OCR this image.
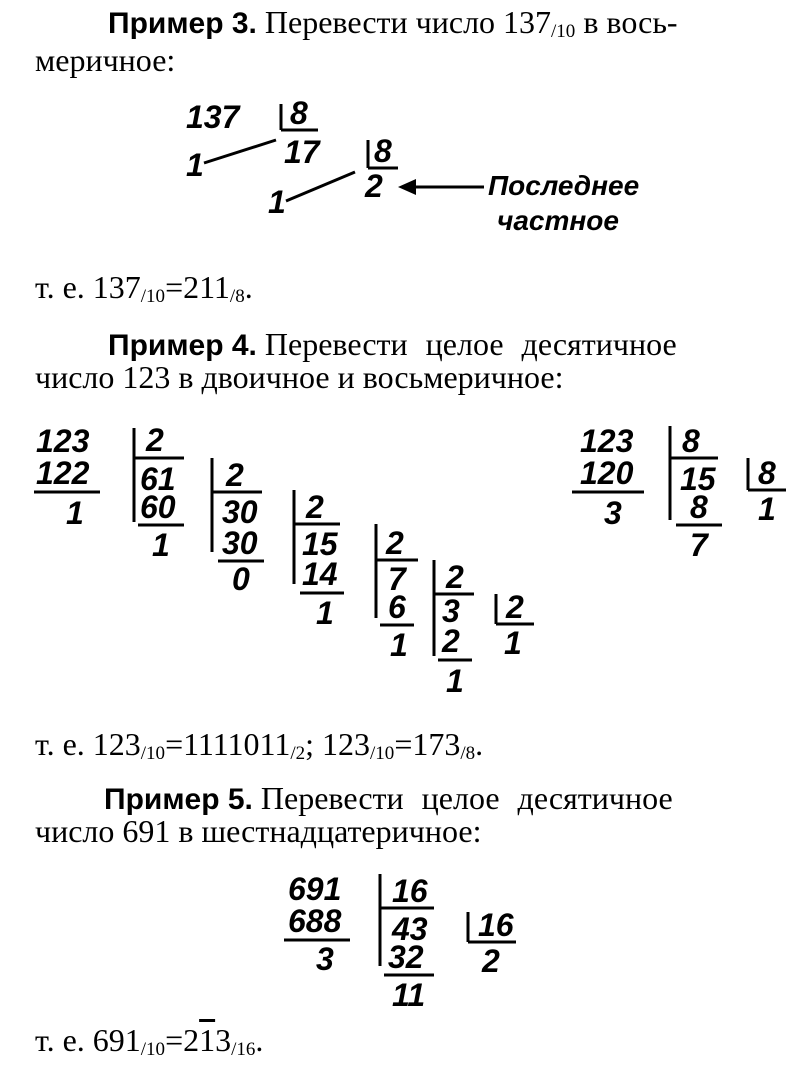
Пример 3. Перевести число $137_{/10}$ в вось-
меричное:
137 8
17
1	8
2
1	Последнее
частное
т. е. $137_{/10}=211_{/8}$.
Пример 4. Перевести целое десятичное
число 123 в двоичное и восьмеричное:
123
122
1
2
61
60
1
2
30
30
0
2
15
14
1
2
7
6
1
2
3
2
1
2
1
123
120
3
8
15
8
7
8
1
т. е. $123_{/10}=1111011_{/2}$; $123_{/10}=173_{/8}$.
Пример 5. Перевести целое десятичное
число 691 в шестнадцатеричное:
691
688
3
16
43
32
11
16
2
т. е. $691_{/10}=213_{/16}$.
